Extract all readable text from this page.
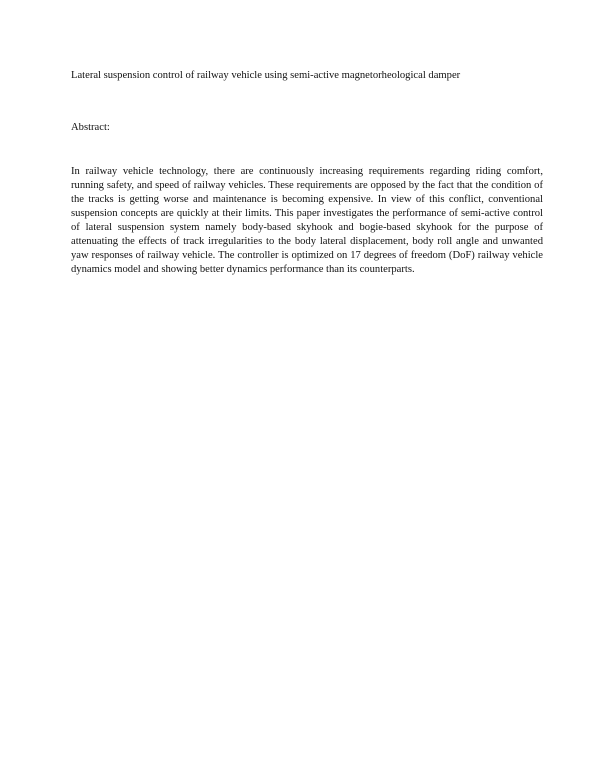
Lateral suspension control of railway vehicle using semi-active magnetorheological damper
Abstract:

In railway vehicle technology, there are continuously increasing requirements regarding riding comfort, running safety, and speed of railway vehicles. These requirements are opposed by the fact that the condition of the tracks is getting worse and maintenance is becoming expensive. In view of this conflict, conventional suspension concepts are quickly at their limits. This paper investigates the performance of semi-active control of lateral suspension system namely body-based skyhook and bogie-based skyhook for the purpose of attenuating the effects of track irregularities to the body lateral displacement, body roll angle and unwanted yaw responses of railway vehicle. The controller is optimized on 17 degrees of freedom (DoF) railway vehicle dynamics model and showing better dynamics performance than its counterparts.
